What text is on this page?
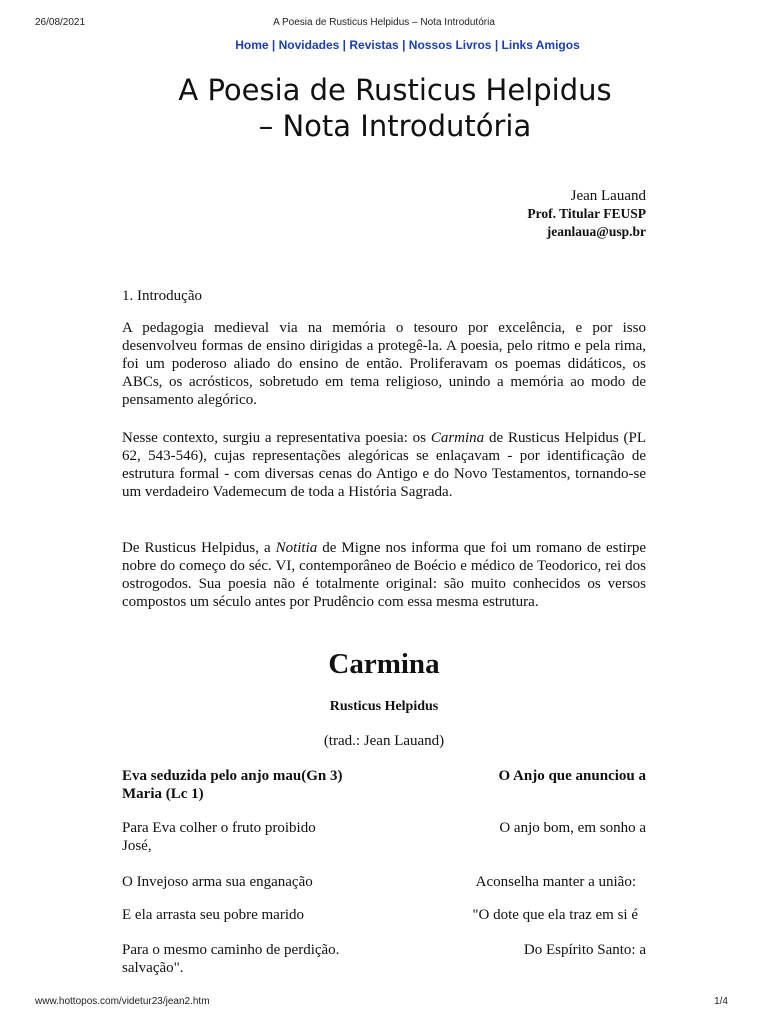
26/08/2021	A Poesia de Rusticus Helpidus – Nota Introdutória
Home | Novidades | Revistas | Nossos Livros | Links Amigos
A Poesia de Rusticus Helpidus
– Nota Introdutória
Jean Lauand
Prof. Titular FEUSP
jeanlaua@usp.br
1. Introdução

A pedagogia medieval via na memória o tesouro por excelência, e por isso desenvolveu formas de ensino dirigidas a protegê-la. A poesia, pelo ritmo e pela rima, foi um poderoso aliado do ensino de então. Proliferavam os poemas didáticos, os ABCs, os acrósticos, sobretudo em tema religioso, unindo a memória ao modo de pensamento alegórico.

Nesse contexto, surgiu a representativa poesia: os Carmina de Rusticus Helpidus (PL 62, 543-546), cujas representações alegóricas se enlaçavam - por identificação de estrutura formal - com diversas cenas do Antigo e do Novo Testamentos, tornando-se um verdadeiro Vademecum de toda a História Sagrada.

De Rusticus Helpidus, a Notitia de Migne nos informa que foi um romano de estirpe nobre do começo do séc. VI, contemporâneo de Boécio e médico de Teodorico, rei dos ostrogodos. Sua poesia não é totalmente original: são muito conhecidos os versos compostos um século antes por Prudêncio com essa mesma estrutura.

Carmina
Rusticus Helpidus
(trad.: Jean Lauand)
Eva seduzida pelo anjo mau(Gn 3)	O Anjo que anunciou a
Maria (Lc 1)
Para Eva colher o fruto proibido	O anjo bom, em sonho a
José,
O Invejoso arma sua enganação	Aconselha manter a união:
E ela arrasta seu pobre marido	"O dote que ela traz em si é
Para o mesmo caminho de perdição.	Do Espírito Santo: a
salvação".
www.hottopos.com/videtur23/jean2.htm	1/4
